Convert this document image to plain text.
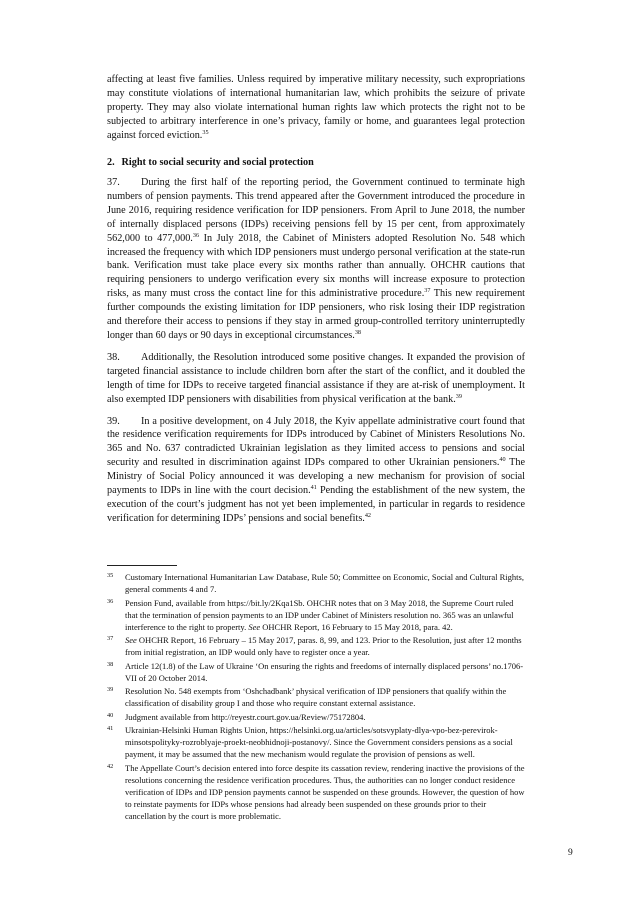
affecting at least five families. Unless required by imperative military necessity, such expropriations may constitute violations of international humanitarian law, which prohibits the seizure of private property. They may also violate international human rights law which protects the right not to be subjected to arbitrary interference in one’s privacy, family or home, and guarantees legal protection against forced eviction.$^{35}$

2. Right to social security and social protection

37. During the first half of the reporting period, the Government continued to terminate high numbers of pension payments. This trend appeared after the Government introduced the procedure in June 2016, requiring residence verification for IDP pensioners. From April to June 2018, the number of internally displaced persons (IDPs) receiving pensions fell by 15 per cent, from approximately 562,000 to 477,000.36 In July 2018, the Cabinet of Ministers adopted Resolution No. 548 which increased the frequency with which IDP pensioners must undergo personal verification at the state-run bank. Verification must take place every six months rather than annually. OHCHR cautions that requiring pensioners to undergo verification every six months will increase exposure to protection risks, as many must cross the contact line for this administrative procedure.$^{37}$ This new requirement further compounds the existing limitation for IDP pensioners, who risk losing their IDP registration and therefore their access to pensions if they stay in armed group-controlled territory uninterruptedly longer than 60 days or 90 days in exceptional circumstances.$^{38}$

38. Additionally, the Resolution introduced some positive changes. It expanded the provision of targeted financial assistance to include children born after the start of the conflict, and it doubled the length of time for IDPs to receive targeted financial assistance if they are at-risk of unemployment. It also exempted IDP pensioners with disabilities from physical verification at the bank.$^{39}$

39. In a positive development, on 4 July 2018, the Kyiv appellate administrative court found that the residence verification requirements for IDPs introduced by Cabinet of Ministers Resolutions No. 365 and No. 637 contradicted Ukrainian legislation as they limited access to pensions and social security and resulted in discrimination against IDPs compared to other Ukrainian pensioners.$^{40}$ The Ministry of Social Policy announced it was developing a new mechanism for provision of social payments to IDPs in line with the court decision.$^{41}$ Pending the establishment of the new system, the execution of the court’s judgment has not yet been implemented, in particular in regards to residence verification for determining IDPs’ pensions and social benefits.$^{42}$

35	Customary International Humanitarian Law Database, Rule 50; Committee on Economic, Social and Cultural Rights, general comments 4 and 7.
36	Pension Fund, available from https://bit.ly/2Kqa1Sb. OHCHR notes that on 3 May 2018, the Supreme Court ruled that the termination of pension payments to an IDP under Cabinet of Ministers resolution no. 365 was an unlawful interference to the right to property. See OHCHR Report, 16 February to 15 May 2018, para. 42.
37	See OHCHR Report, 16 February – 15 May 2017, paras. 8, 99, and 123. Prior to the Resolution, just after 12 months from initial registration, an IDP would only have to register once a year.
38	Article 12(1.8) of the Law of Ukraine ‘On ensuring the rights and freedoms of internally displaced persons’ no.1706-VII of 20 October 2014.
39	Resolution No. 548 exempts from ‘Oshchadbank’ physical verification of IDP pensioners that qualify within the classification of disability group I and those who require constant external assistance.
40	Judgment available from http://reyestr.court.gov.ua/Review/75172804.
41	Ukrainian-Helsinki Human Rights Union, https://helsinki.org.ua/articles/sotsvyplaty-dlya-vpo-bez-perevirok-minsotspolityky-rozroblyaje-proekt-neobhidnoji-postanovy/. Since the Government considers pensions as a social payment, it may be assumed that the new mechanism would regulate the provision of pensions as well.
42	The Appellate Court’s decision entered into force despite its cassation review, rendering inactive the provisions of the resolutions concerning the residence verification procedures. Thus, the authorities can no longer conduct residence verification of IDPs and IDP pension payments cannot be suspended on these grounds. However, the question of how to reinstate payments for IDPs whose pensions had already been suspended on these grounds prior to their cancellation by the court is more problematic.
9
